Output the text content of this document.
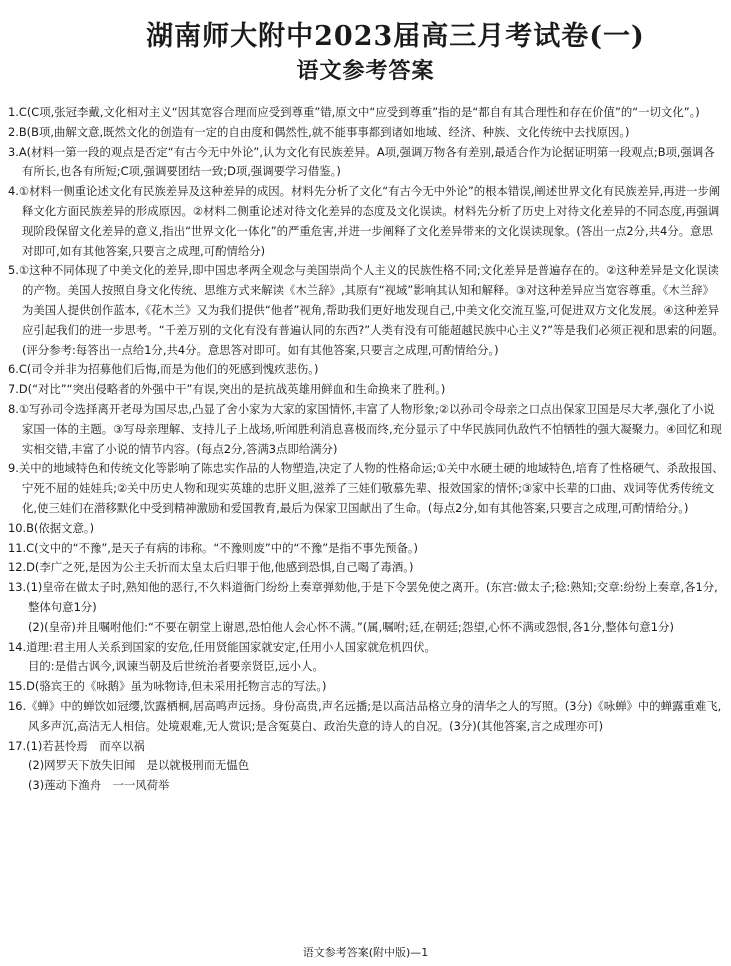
湖南师大附中2023届高三月考试卷(一)
语文参考答案

1.C(C项,张冠李戴,文化相对主义“因其宽容合理而应受到尊重”错,原文中“应受到尊重”指的是“都自有其合理性和存在价值”的“一切文化”。)

2.B(B项,曲解文意,既然文化的创造有一定的自由度和偶然性,就不能事事都到诸如地域、经济、种族、文化传统中去找原因。)

3.A(材料一第一段的观点是否定“有古今无中外论”,认为文化有民族差异。A项,强调万物各有差别,最适合作为论据证明第一段观点;B项,强调各有所长,也各有所短;C项,强调要团结一致;D项,强调要学习借鉴。)

4.①材料一侧重论述文化有民族差异及这种差异的成因。材料先分析了文化“有古今无中外论”的根本错误,阐述世界文化有民族差异,再进一步阐释文化方面民族差异的形成原因。②材料二侧重论述对待文化差异的态度及文化误读。材料先分析了历史上对待文化差异的不同态度,再强调现阶段保留文化差异的意义,指出“世界文化一体化”的严重危害,并进一步阐释了文化差异带来的文化误读现象。(答出一点2分,共4分。意思对即可,如有其他答案,只要言之成理,可酌情给分)

5.①这种不同体现了中美文化的差异,即中国忠孝两全观念与美国崇尚个人主义的民族性格不同;文化差异是普遍存在的。②这种差异是文化误读的产物。美国人按照自身文化传统、思维方式来解读《木兰辞》,其原有“视域”影响其认知和解释。③对这种差异应当宽容尊重。《木兰辞》为美国人提供创作蓝本,《花木兰》又为我们提供“他者”视角,帮助我们更好地发现自己,中美文化交流互鉴,可促进双方文化发展。④这种差异应引起我们的进一步思考。“千差万别的文化有没有普遍认同的东西?”人类有没有可能超越民族中心主义?”等是我们必须正视和思索的问题。(评分参考:每答出一点给1分,共4分。意思答对即可。如有其他答案,只要言之成理,可酌情给分。)

6.C(司令并非为招募他们后悔,而是为他们的死感到愧疚悲伤。)

7.D(“对比”“突出侵略者的外强中干”有误,突出的是抗战英雄用鲜血和生命换来了胜利。)

8.①写孙司令选择离开老母为国尽忠,凸显了舍小家为大家的家国情怀,丰富了人物形象;②以孙司令母亲之口点出保家卫国是尽大孝,强化了小说家国一体的主题。③写母亲理解、支持儿子上战场,听闻胜利消息喜极而终,充分显示了中华民族同仇敌忾不怕牺牲的强大凝聚力。④回忆和现实相交错,丰富了小说的情节内容。(每点2分,答满3点即给满分)

9.关中的地域特色和传统文化等影响了陈忠实作品的人物塑造,决定了人物的性格命运;①关中水硬土硬的地域特色,培育了性格硬气、杀敌报国、宁死不屈的娃娃兵;②关中历史人物和现实英雄的忠肝义胆,滋养了三娃们敬慕先辈、报效国家的情怀;③家中长辈的口曲、戏词等优秀传统文化,使三娃们在潜移默化中受到精神激励和爱国教育,最后为保家卫国献出了生命。(每点2分,如有其他答案,只要言之成理,可酌情给分。)

10.B(依据文意。)

11.C(文中的“不豫”,是天子有病的讳称。“不豫则废”中的“不豫”是指不事先预备。)

12.D(李广之死,是因为公主夭折而太皇太后归罪于他,他感到恐惧,自己喝了毒酒。)

13.(1)皇帝在做太子时,熟知他的恶行,不久料道衙门纷纷上奏章弹劾他,于是下令罢免使之离开。(东宫:做太子;稔:熟知;交章:纷纷上奏章,各1分,整体句意1分)

(2)(皇帝)并且嘱咐他们:“不要在朝堂上谢恩,恐怕他人会心怀不满。”(属,嘱咐;廷,在朝廷;怨望,心怀不满或怨恨,各1分,整体句意1分)

14.道理:君主用人关系到国家的安危,任用贤能国家就安定,任用小人国家就危机四伏。

目的:是借古讽今,讽谏当朝及后世统治者要亲贤臣,远小人。

15.D(骆宾王的《咏鹅》虽为咏物诗,但未采用托物言志的写法。)

16.《蝉》中的蝉饮如冠缨,饮露栖桐,居高鸣声远扬。身份高贵,声名远播;是以高洁品格立身的清华之人的写照。(3分)《咏蝉》中的蝉露重难飞,风多声沉,高洁无人相信。处境艰难,无人赏识;是含冤莫白、政治失意的诗人的自况。(3分)(其他答案,言之成理亦可)

17.(1)若甚怜焉　而卒以祸

(2)网罗天下放失旧闻　是以就极刑而无愠色

(3)莲动下渔舟　一一风荷举

语文参考答案(附中版)—1
